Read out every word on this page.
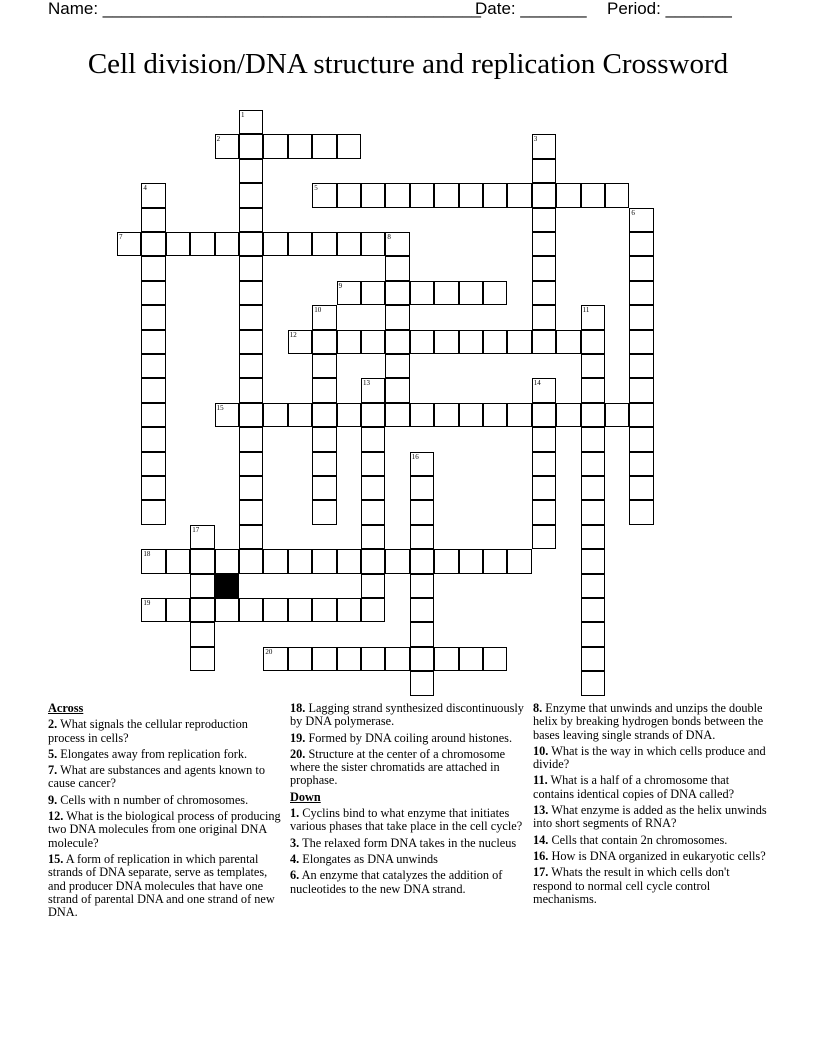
Name: ________________________________________
Date: _______ Period: _______
Cell division/DNA structure and replication Crossword
1
2	3
4	5
6
7	8
9
10	11
12
13	14
15
16
17
18
19
20
Across
2. What signals the cellular reproduction process in cells?
5. Elongates away from replication fork.
7. What are substances and agents known to cause cancer?
9. Cells with n number of chromosomes.
12. What is the biological process of producing two DNA molecules from one original DNA molecule?
15. A form of replication in which parental strands of DNA separate, serve as templates, and producer DNA molecules that have one strand of parental DNA and one strand of new DNA.
18. Lagging strand synthesized discontinuously by DNA polymerase.
19. Formed by DNA coiling around histones.
20. Structure at the center of a chromosome where the sister chromatids are attached in prophase.
Down
1. Cyclins bind to what enzyme that initiates various phases that take place in the cell cycle?
3. The relaxed form DNA takes in the nucleus
4. Elongates as DNA unwinds
6. An enzyme that catalyzes the addition of nucleotides to the new DNA strand.
8. Enzyme that unwinds and unzips the double helix by breaking hydrogen bonds between the bases leaving single strands of DNA.
10. What is the way in which cells produce and divide?
11. What is a half of a chromosome that contains identical copies of DNA called?
13. What enzyme is added as the helix unwinds into short segments of RNA?
14. Cells that contain 2n chromosomes.
16. How is DNA organized in eukaryotic cells?
17. Whats the result in which cells don't respond to normal cell cycle control mechanisms.
